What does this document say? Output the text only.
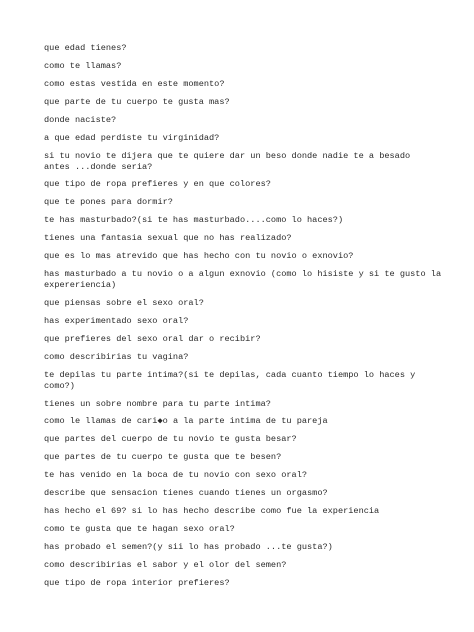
que edad tienes?
como te llamas?
como estas vestida en este momento?
que parte de tu cuerpo te gusta mas?
donde naciste?
a que edad perdiste tu virginidad?
si tu novio te dijera que te quiere dar un beso donde nadie te a besado
antes ...donde seria?
que tipo de ropa prefieres y en que colores?
que te pones para dormir?
te has masturbado?(si te has masturbado....como lo haces?)
tienes una fantasia sexual que no has realizado?
que es lo mas atrevido que has hecho con tu novio o exnovio?
has masturbado a tu novio o a algun exnovio (como lo hisiste y si te gusto la
expereriencia)
que piensas sobre el sexo oral?
has experimentado sexo oral?
que prefieres del sexo oral dar o recibir?
como describirias tu vagina?
te depilas tu parte intima?(si te depilas, cada cuanto tiempo lo haces y como?)
tienes un sobre nombre para tu parte intima?
como le llamas de cari◆o a la parte intima de tu pareja
que partes del cuerpo de tu novio te gusta besar?
que partes de tu cuerpo te gusta que te besen?
te has venido en la boca de tu novio con sexo oral?
describe que sensacion tienes cuando tienes un orgasmo?
has hecho el 69? si lo has hecho describe como fue la experiencia
como te gusta que te hagan sexo oral?
has probado el semen?(y sii lo has probado ...te gusta?)
como describirias el sabor y el olor del semen?
que tipo de ropa interior prefieres?
